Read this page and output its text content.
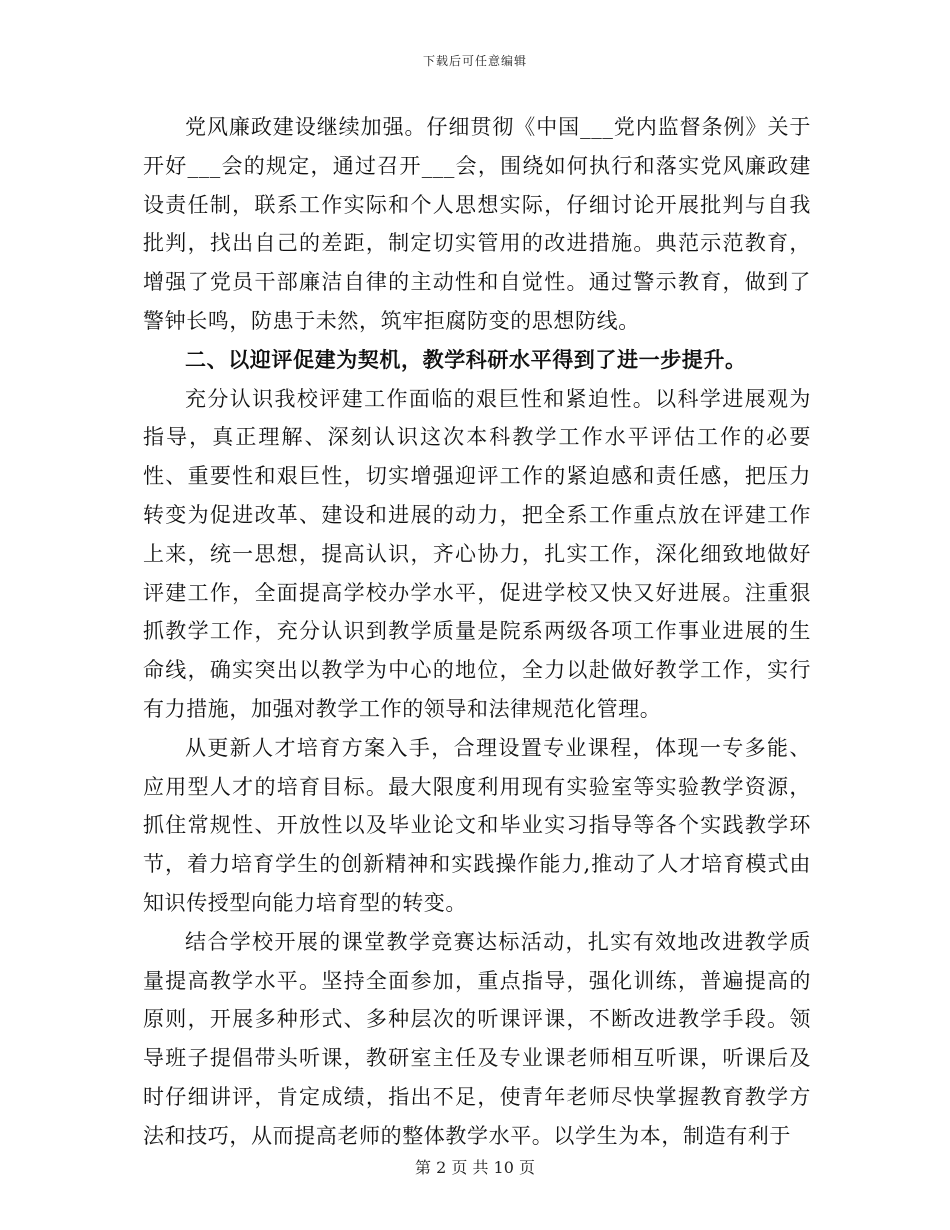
下载后可任意编辑

党风廉政建设继续加强。仔细贯彻《中国___党内监督条例》关于开好___会的规定，通过召开___会，围绕如何执行和落实党风廉政建设责任制，联系工作实际和个人思想实际，仔细讨论开展批判与自我批判，找出自己的差距，制定切实管用的改进措施。典范示范教育，增强了党员干部廉洁自律的主动性和自觉性。通过警示教育，做到了警钟长鸣，防患于未然，筑牢拒腐防变的思想防线。

二、以迎评促建为契机，教学科研水平得到了进一步提升。

充分认识我校评建工作面临的艰巨性和紧迫性。以科学进展观为指导，真正理解、深刻认识这次本科教学工作水平评估工作的必要性、重要性和艰巨性，切实增强迎评工作的紧迫感和责任感，把压力转变为促进改革、建设和进展的动力，把全系工作重点放在评建工作上来，统一思想，提高认识，齐心协力，扎实工作，深化细致地做好评建工作，全面提高学校办学水平，促进学校又快又好进展。注重狠抓教学工作，充分认识到教学质量是院系两级各项工作事业进展的生命线，确实突出以教学为中心的地位，全力以赴做好教学工作，实行有力措施，加强对教学工作的领导和法律规范化管理。

从更新人才培育方案入手，合理设置专业课程，体现一专多能、应用型人才的培育目标。最大限度利用现有实验室等实验教学资源，抓住常规性、开放性以及毕业论文和毕业实习指导等各个实践教学环节，着力培育学生的创新精神和实践操作能力,推动了人才培育模式由知识传授型向能力培育型的转变。

结合学校开展的课堂教学竞赛达标活动，扎实有效地改进教学质量提高教学水平。坚持全面参加，重点指导，强化训练，普遍提高的原则，开展多种形式、多种层次的听课评课，不断改进教学手段。领导班子提倡带头听课，教研室主任及专业课老师相互听课，听课后及时仔细讲评，肯定成绩，指出不足，使青年老师尽快掌握教育教学方法和技巧，从而提高老师的整体教学水平。以学生为本，制造有利于

第 2 页 共 10 页
